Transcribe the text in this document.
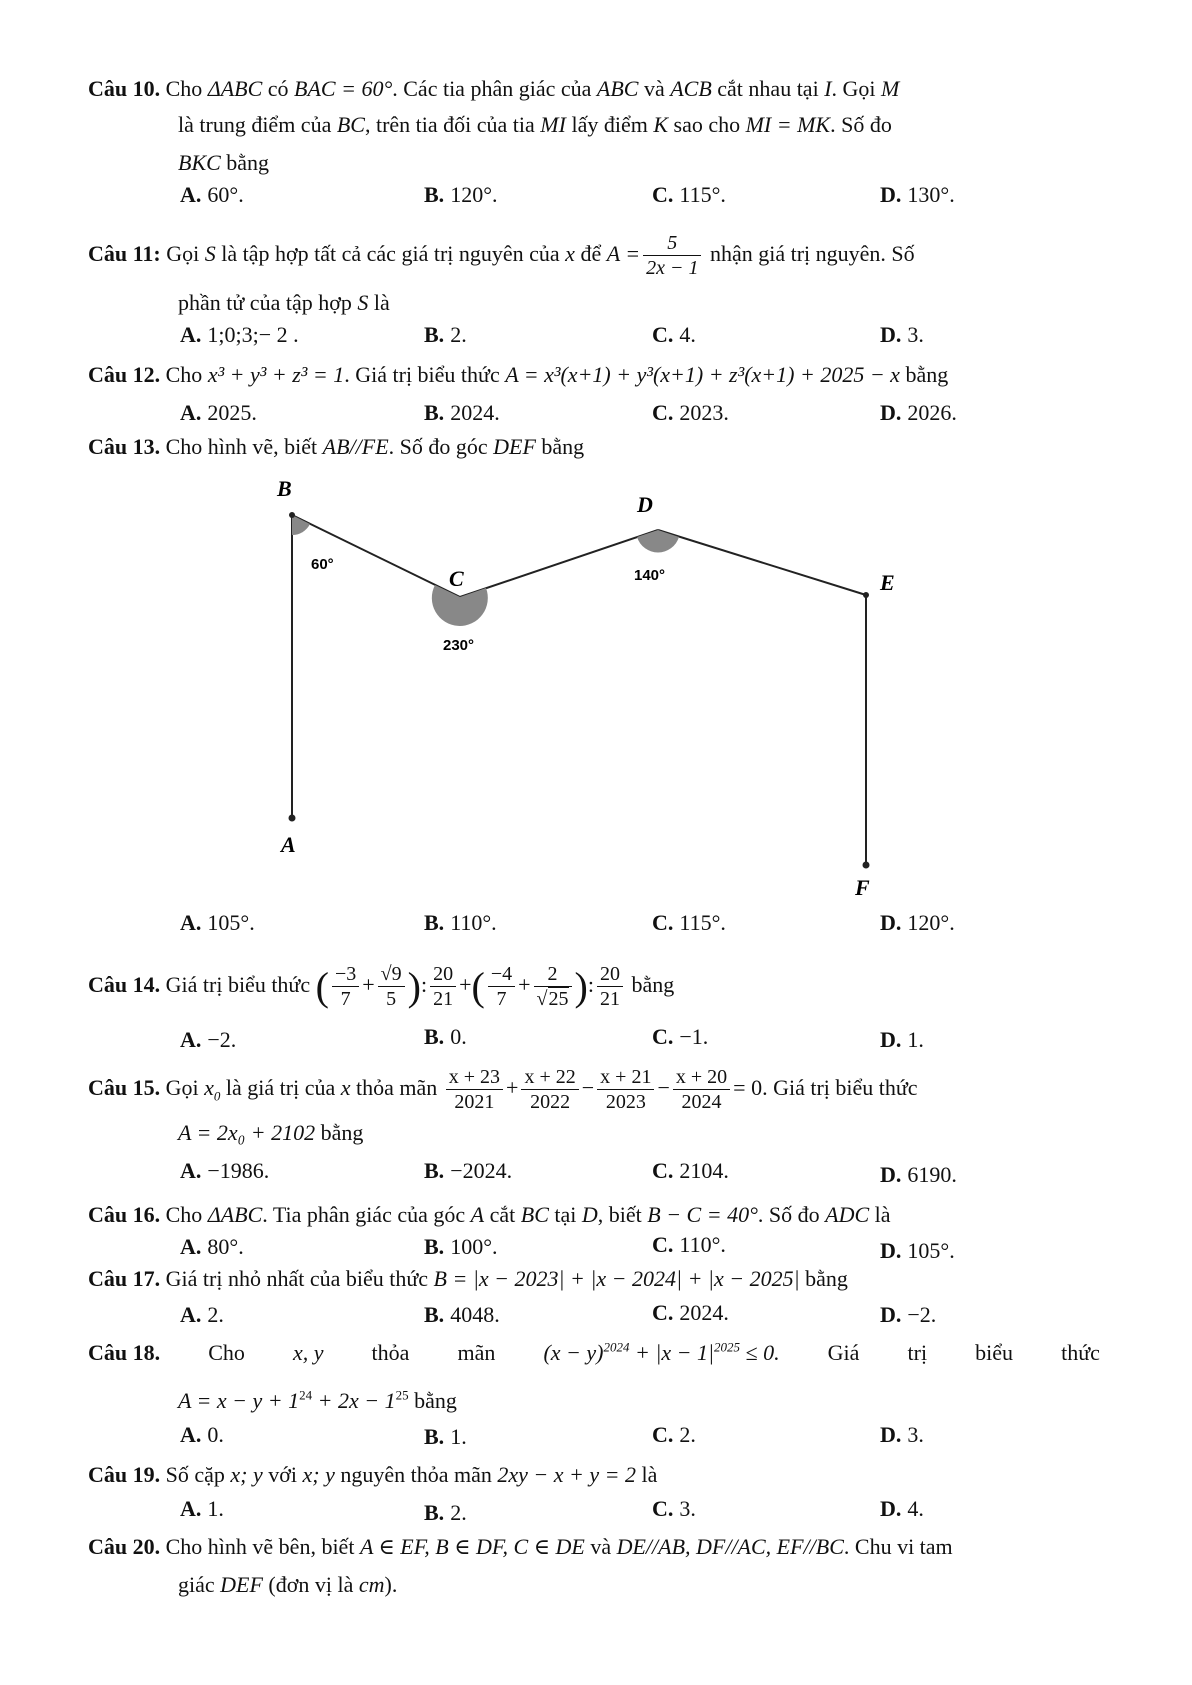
Câu 10. Cho ΔABC có BAC = 60°. Các tia phân giác của ABC và ACB cắt nhau tại I. Gọi M
là trung điểm của BC, trên tia đối của tia MI lấy điểm K sao cho MI = MK. Số đo
BKC bằng
A. 60°.	B. 120°.	C. 115°.	D. 130°.
Câu 11: Gọi S là tập hợp tất cả các giá trị nguyên của x để $A = \frac{5}{2x - 1}$ nhận giá trị nguyên. Số
phần tử của tập hợp S là
A. 1;0;3;− 2 .	B. 2.	C. 4.	D. 3.
Câu 12. Cho x³ + y³ + z³ = 1. Giá trị biểu thức A = x³(x+1) + y³(x+1) + z³(x+1) + 2025 − x bằng
A. 2025.	B. 2024.	C. 2023.	D. 2026.
Câu 13. Cho hình vẽ, biết AB//FE. Số đo góc DEF bằng
B
D
E
C
A
F
60°
230°
140°
A. 105°.	B. 110°.	C. 115°.	D. 120°.
Câu 14. Giá trị biểu thức ( $\frac{-3}{7} + \frac{√9}{5}$ ): $\frac{20}{21}$ +( $\frac{-4}{7} + \frac{2}{√25}$ ): $\frac{20}{21}$ bằng
A. −2.	B. 0.	C. −1.	D. 1.
Câu 15. Gọi $x_0$ là giá trị của x thỏa mãn $\frac{x + 23}{2021} + \frac{x + 22}{2022} - \frac{x + 21}{2023} - \frac{x + 20}{2024} = 0$. Giá trị biểu thức
A = 2x₀ + 2102 bằng
A. −1986.	B. −2024.	C. 2104.	D. 6190.
Câu 16. Cho ΔABC. Tia phân giác của góc A cắt BC tại D, biết B − C = 40°. Số đo ADC là
A. 80°.	B. 100°.	C. 110°.	D. 105°.
Câu 17. Giá trị nhỏ nhất của biểu thức B = |x − 2023| + |x − 2024| + |x − 2025| bằng
A. 2.	B. 4048.	C. 2024.	D. −2.
Câu 18. Cho x, y thỏa mãn $(x - y)^{2024} + |x - 1|^{2025} \le 0$. Giá trị biểu thức
$A = x - y + 1^{24} + 2x - 1^{25}$ bằng
A. 0.	B. 1.	C. 2.	D. 3.
Câu 19. Số cặp x; y với x; y nguyên thỏa mãn 2xy − x + y = 2 là
A. 1.	B. 2.	C. 3.	D. 4.
Câu 20. Cho hình vẽ bên, biết A ∈ EF, B ∈ DF, C ∈ DE và DE//AB, DF//AC, EF//BC. Chu vi tam
giác DEF (đơn vị là cm).
